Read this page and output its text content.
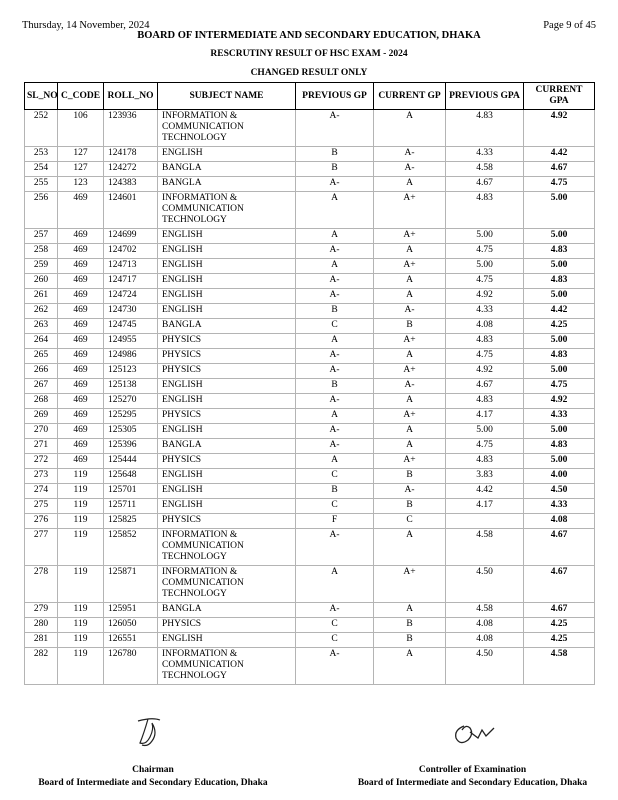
Thursday, 14 November, 2024	Page 9 of 45
BOARD OF INTERMEDIATE AND SECONDARY EDUCATION, DHAKA
RESCRUTINY RESULT OF HSC EXAM - 2024
CHANGED RESULT ONLY
SL_NO	C_CODE	ROLL_NO	SUBJECT NAME	PREVIOUS GP	CURRENT GP	PREVIOUS GPA	CURRENT GPA
252	106	123936	INFORMATION & COMMUNICATION TECHNOLOGY	A-	A	4.83	4.92
253	127	124178	ENGLISH	B	A-	4.33	4.42
254	127	124272	BANGLA	B	A-	4.58	4.67
255	123	124383	BANGLA	A-	A	4.67	4.75
256	469	124601	INFORMATION & COMMUNICATION TECHNOLOGY	A	A+	4.83	5.00
257	469	124699	ENGLISH	A	A+	5.00	5.00
258	469	124702	ENGLISH	A-	A	4.75	4.83
259	469	124713	ENGLISH	A	A+	5.00	5.00
260	469	124717	ENGLISH	A-	A	4.75	4.83
261	469	124724	ENGLISH	A-	A	4.92	5.00
262	469	124730	ENGLISH	B	A-	4.33	4.42
263	469	124745	BANGLA	C	B	4.08	4.25
264	469	124955	PHYSICS	A	A+	4.83	5.00
265	469	124986	PHYSICS	A-	A	4.75	4.83
266	469	125123	PHYSICS	A-	A+	4.92	5.00
267	469	125138	ENGLISH	B	A-	4.67	4.75
268	469	125270	ENGLISH	A-	A	4.83	4.92
269	469	125295	PHYSICS	A	A+	4.17	4.33
270	469	125305	ENGLISH	A-	A	5.00	5.00
271	469	125396	BANGLA	A-	A	4.75	4.83
272	469	125444	PHYSICS	A	A+	4.83	5.00
273	119	125648	ENGLISH	C	B	3.83	4.00
274	119	125701	ENGLISH	B	A-	4.42	4.50
275	119	125711	ENGLISH	C	B	4.17	4.33
276	119	125825	PHYSICS	F	C		4.08
277	119	125852	INFORMATION & COMMUNICATION TECHNOLOGY	A-	A	4.58	4.67
278	119	125871	INFORMATION & COMMUNICATION TECHNOLOGY	A	A+	4.50	4.67
279	119	125951	BANGLA	A-	A	4.58	4.67
280	119	126050	PHYSICS	C	B	4.08	4.25
281	119	126551	ENGLISH	C	B	4.08	4.25
282	119	126780	INFORMATION & COMMUNICATION TECHNOLOGY	A-	A	4.50	4.58
Chairman
Board of Intermediate and Secondary Education, Dhaka
Controller of Examination
Board of Intermediate and Secondary Education, Dhaka
